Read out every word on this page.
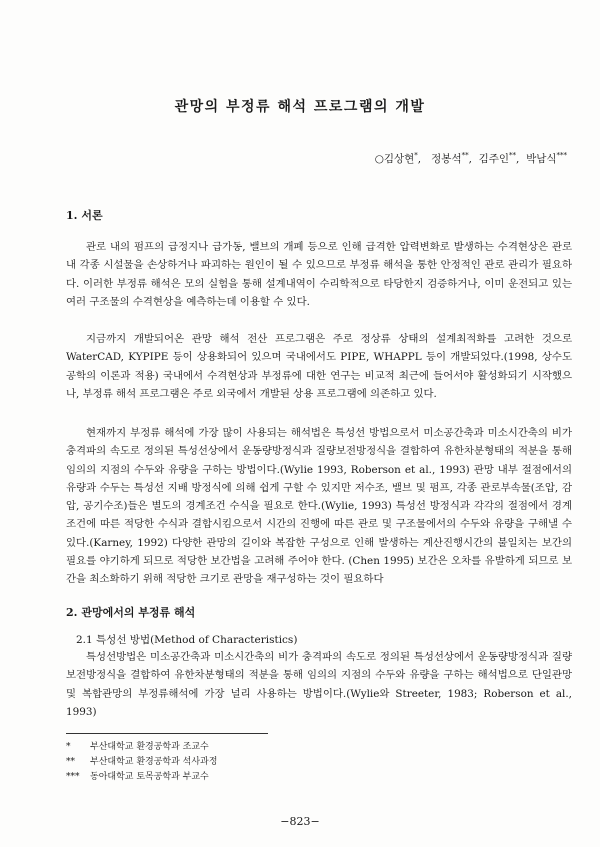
관망의 부정류 해석 프로그램의 개발
○김상현*,   정봉석**,  김주인**,  박남식***
1. 서론

관로 내의 펌프의 급정지나 급가동, 밸브의 개폐 등으로 인해 급격한 압력변화로 발생하는 수격현상은 관로 내 각종 시설물을 손상하거나 파괴하는 원인이 될 수 있으므로 부정류 해석을 통한 안정적인 관로 관리가 필요하다. 이러한 부정류 해석은 모의 실험을 통해 설계내역이 수리학적으로 타당한지 검증하거나, 이미 운전되고 있는 여러 구조물의 수격현상을 예측하는데 이용할 수 있다.

지금까지 개발되어온 관망 해석 전산 프로그램은 주로 정상류 상태의 설계최적화를 고려한 것으로 WaterCAD, KYPIPE 등이 상용화되어 있으며 국내에서도 PIPE, WHAPPL 등이 개발되었다.(1998, 상수도공학의 이론과 적용) 국내에서 수격현상과 부정류에 대한 연구는 비교적 최근에 들어서야 활성화되기 시작했으나, 부정류 해석 프로그램은 주로 외국에서 개발된 상용 프로그램에 의존하고 있다.

현재까지 부정류 해석에 가장 많이 사용되는 해석법은 특성선 방법으로서 미소공간축과 미소시간축의 비가 충격파의 속도로 정의된 특성선상에서 운동량방정식과 질량보전방정식을 결합하여 유한차분형태의 적분을 통해 임의의 지점의 수두와 유량을 구하는 방법이다.(Wylie 1993, Roberson et al., 1993) 관망 내부 절점에서의 유량과 수두는 특성선 지배 방정식에 의해 쉽게 구할 수 있지만 저수조, 밸브 및 펌프, 각종 관로부속물(조압, 감압, 공기수조)들은 별도의 경계조건 수식을 필요로 한다.(Wylie, 1993) 특성선 방정식과 각각의 절점에서 경계조건에 따른 적당한 수식과 결합시킴으로서 시간의 진행에 따른 관로 및 구조물에서의 수두와 유량을 구해낼 수 있다.(Karney, 1992) 다양한 관망의 길이와 복잡한 구성으로 인해 발생하는 계산진행시간의 불일치는 보간의 필요를 야기하게 되므로 적당한 보간법을 고려해 주어야 한다. (Chen 1995) 보간은 오차를 유발하게 되므로 보간을 최소화하기 위해 적당한 크기로 관망을 재구성하는 것이 필요하다

2. 관망에서의 부정류 해석
2.1 특성선 방법(Method of Characteristics)

특성선방법은 미소공간축과 미소시간축의 비가 충격파의 속도로 정의된 특성선상에서 운동량방정식과 질량보전방정식을 결합하여 유한차분형태의 적분을 통해 임의의 지점의 수두와 유량을 구하는 해석법으로 단일관망 및 복합관망의 부정류해석에 가장 널리 사용하는 방법이다.(Wylie와 Streeter, 1983; Roberson et al., 1993)

* 부산대학교 환경공학과 조교수
** 부산대학교 환경공학과 석사과정
*** 동아대학교 토목공학과 부교수
−823−
